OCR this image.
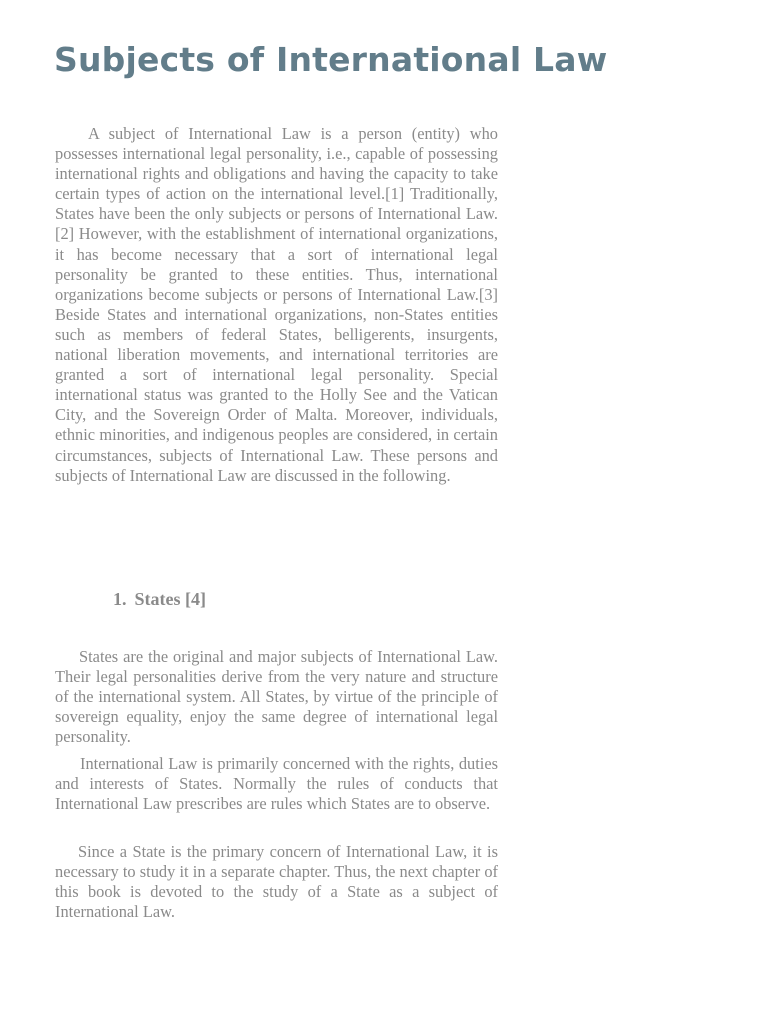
Subjects of International Law

A subject of International Law is a person (entity) who possesses international legal personality, i.e., capable of possessing international rights and obligations and having the capacity to take certain types of action on the international level.[1] Traditionally, States have been the only subjects or persons of International Law.[2] However, with the establishment of international organizations, it has become necessary that a sort of international legal personality be granted to these entities. Thus, international organizations become subjects or persons of International Law.[3] Beside States and international organizations, non-States entities such as members of federal States, belligerents, insurgents, national liberation movements, and international territories are granted a sort of international legal personality. Special international status was granted to the Holly See and the Vatican City, and the Sovereign Order of Malta. Moreover, individuals, ethnic minorities, and indigenous peoples are considered, in certain circumstances, subjects of International Law. These persons and subjects of International Law are discussed in the following.

1. States [4]

States are the original and major subjects of International Law. Their legal personalities derive from the very nature and structure of the international system. All States, by virtue of the principle of sovereign equality, enjoy the same degree of international legal personality.

International Law is primarily concerned with the rights, duties and interests of States. Normally the rules of conducts that International Law prescribes are rules which States are to observe.

Since a State is the primary concern of International Law, it is necessary to study it in a separate chapter. Thus, the next chapter of this book is devoted to the study of a State as a subject of International Law.
